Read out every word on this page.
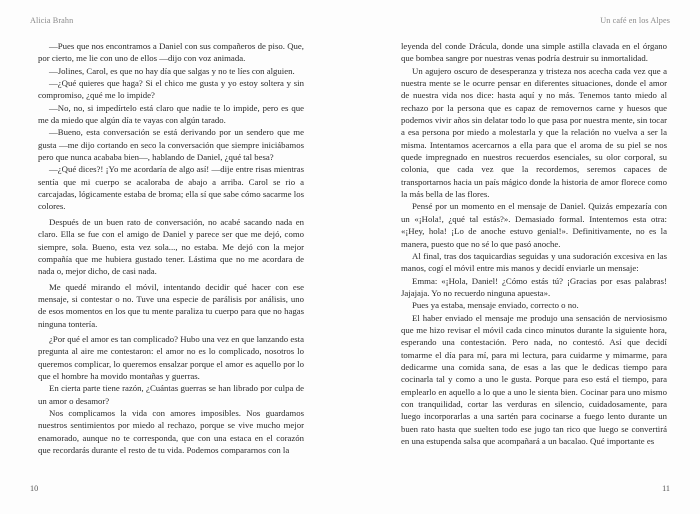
Alicia Brahn

—Pues que nos encontramos a Daniel con sus compañeros de piso. Que, por cierto, me lie con uno de ellos —dijo con voz animada.

—Jolines, Carol, es que no hay día que salgas y no te líes con alguien.

—¿Qué quieres que haga? Si el chico me gusta y yo estoy soltera y sin compromiso, ¿qué me lo impide?

—No, no, si impedírtelo está claro que nadie te lo impide, pero es que me da miedo que algún día te vayas con algún tarado.

—Bueno, esta conversación se está derivando por un sendero que me gusta —me dijo cortando en seco la conversación que siempre iniciábamos pero que nunca acababa bien—, hablando de Daniel, ¿qué tal besa?

—¿Qué dices?! ¡Yo me acordaría de algo así! —dije entre risas mientras sentía que mi cuerpo se acaloraba de abajo a arriba. Carol se rio a carcajadas, lógicamente estaba de broma; ella sí que sabe cómo sacarme los colores.

Después de un buen rato de conversación, no acabé sacando nada en claro. Ella se fue con el amigo de Daniel y parece ser que me dejó, como siempre, sola. Bueno, esta vez sola..., no estaba. Me dejó con la mejor compañía que me hubiera gustado tener. Lástima que no me acordara de nada o, mejor dicho, de casi nada.

Me quedé mirando el móvil, intentando decidir qué hacer con ese mensaje, si contestar o no. Tuve una especie de parálisis por análisis, uno de esos momentos en los que tu mente paraliza tu cuerpo para que no hagas ninguna tontería.

¿Por qué el amor es tan complicado? Hubo una vez en que lanzando esta pregunta al aire me contestaron: el amor no es lo complicado, nosotros lo queremos complicar, lo queremos ensalzar porque el amor es aquello por lo que el hombre ha movido montañas y guerras.

En cierta parte tiene razón, ¿Cuántas guerras se han librado por culpa de un amor o desamor?

Nos complicamos la vida con amores imposibles. Nos guardamos nuestros sentimientos por miedo al rechazo, porque se vive mucho mejor enamorado, aunque no te corresponda, que con una estaca en el corazón que recordarás durante el resto de tu vida. Podemos compararnos con la

10
Un café en los Alpes

leyenda del conde Drácula, donde una simple astilla clavada en el órgano que bombea sangre por nuestras venas podría destruir su inmortalidad.

Un agujero oscuro de desesperanza y tristeza nos acecha cada vez que a nuestra mente se le ocurre pensar en diferentes situaciones, donde el amor de nuestra vida nos dice: hasta aquí y no más. Tenemos tanto miedo al rechazo por la persona que es capaz de removernos carne y huesos que podemos vivir años sin delatar todo lo que pasa por nuestra mente, sin tocar a esa persona por miedo a molestarla y que la relación no vuelva a ser la misma. Intentamos acercarnos a ella para que el aroma de su piel se nos quede impregnado en nuestros recuerdos esenciales, su olor corporal, su colonia, que cada vez que la recordemos, seremos capaces de transportarnos hacia un país mágico donde la historia de amor florece como la más bella de las flores.

Pensé por un momento en el mensaje de Daniel. Quizás empezaría con un «¡Hola!, ¿qué tal estás?». Demasiado formal. Intentemos esta otra: «¡Hey, hola! ¡Lo de anoche estuvo genial!». Definitivamente, no es la manera, puesto que no sé lo que pasó anoche.

Al final, tras dos taquicardias seguidas y una sudoración excesiva en las manos, cogí el móvil entre mis manos y decidí enviarle un mensaje:

Emma: «¡Hola, Daniel! ¿Cómo estás tú? ¡Gracias por esas palabras! Jajajaja. Yo no recuerdo ninguna apuesta».

Pues ya estaba, mensaje enviado, correcto o no.

El haber enviado el mensaje me produjo una sensación de nerviosismo que me hizo revisar el móvil cada cinco minutos durante la siguiente hora, esperando una contestación. Pero nada, no contestó. Así que decidí tomarme el día para mí, para mi lectura, para cuidarme y mimarme, para dedicarme una comida sana, de esas a las que le dedicas tiempo para cocinarla tal y como a uno le gusta. Porque para eso está el tiempo, para emplearlo en aquello a lo que a uno le sienta bien. Cocinar para uno mismo con tranquilidad, cortar las verduras en silencio, cuidadosamente, para luego incorporarlas a una sartén para cocinarse a fuego lento durante un buen rato hasta que suelten todo ese jugo tan rico que luego se convertirá en una estupenda salsa que acompañará a un bacalao. Qué importante es

11
